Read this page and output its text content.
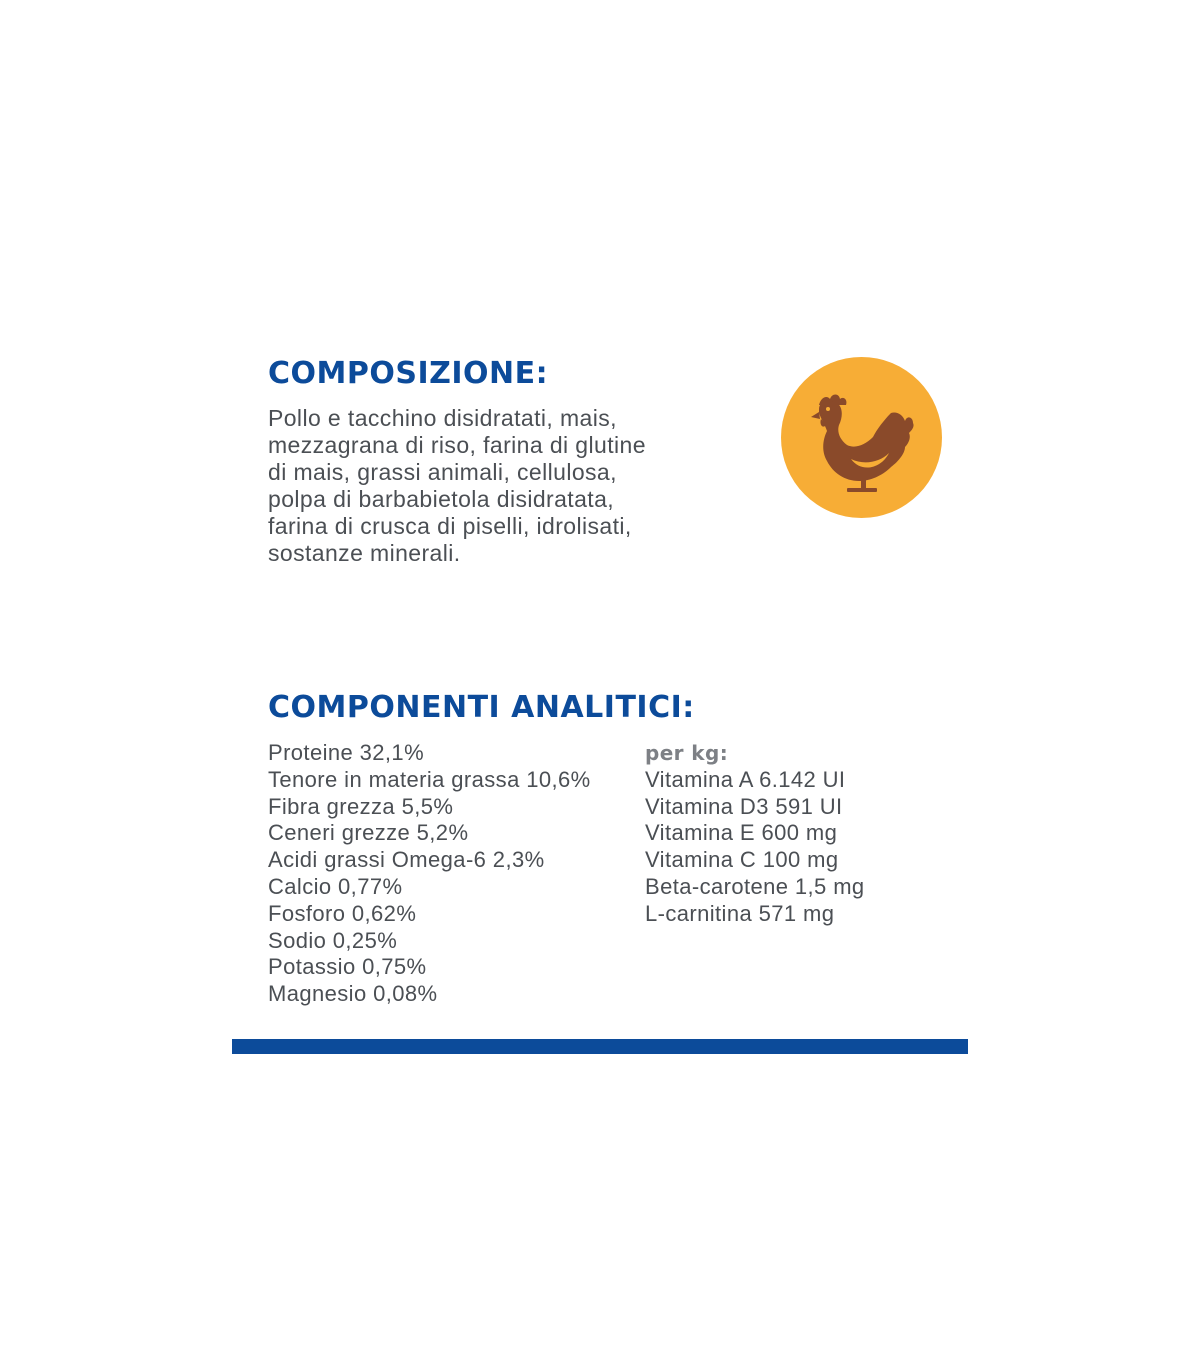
COMPOSIZIONE:

Pollo e tacchino disidratati, mais,
mezzagrana di riso, farina di glutine
di mais, grassi animali, cellulosa,
polpa di barbabietola disidratata,
farina di crusca di piselli, idrolisati,
sostanze minerali.

COMPONENTI ANALITICI:
Proteine 32,1%
Tenore in materia grassa 10,6%
Fibra grezza 5,5%
Ceneri grezze 5,2%
Acidi grassi Omega-6 2,3%
Calcio 0,77%
Fosforo 0,62%
Sodio 0,25%
Potassio 0,75%
Magnesio 0,08%
per kg:
Vitamina A 6.142 UI
Vitamina D3 591 UI
Vitamina E 600 mg
Vitamina C 100 mg
Beta-carotene 1,5 mg
L-carnitina 571 mg
